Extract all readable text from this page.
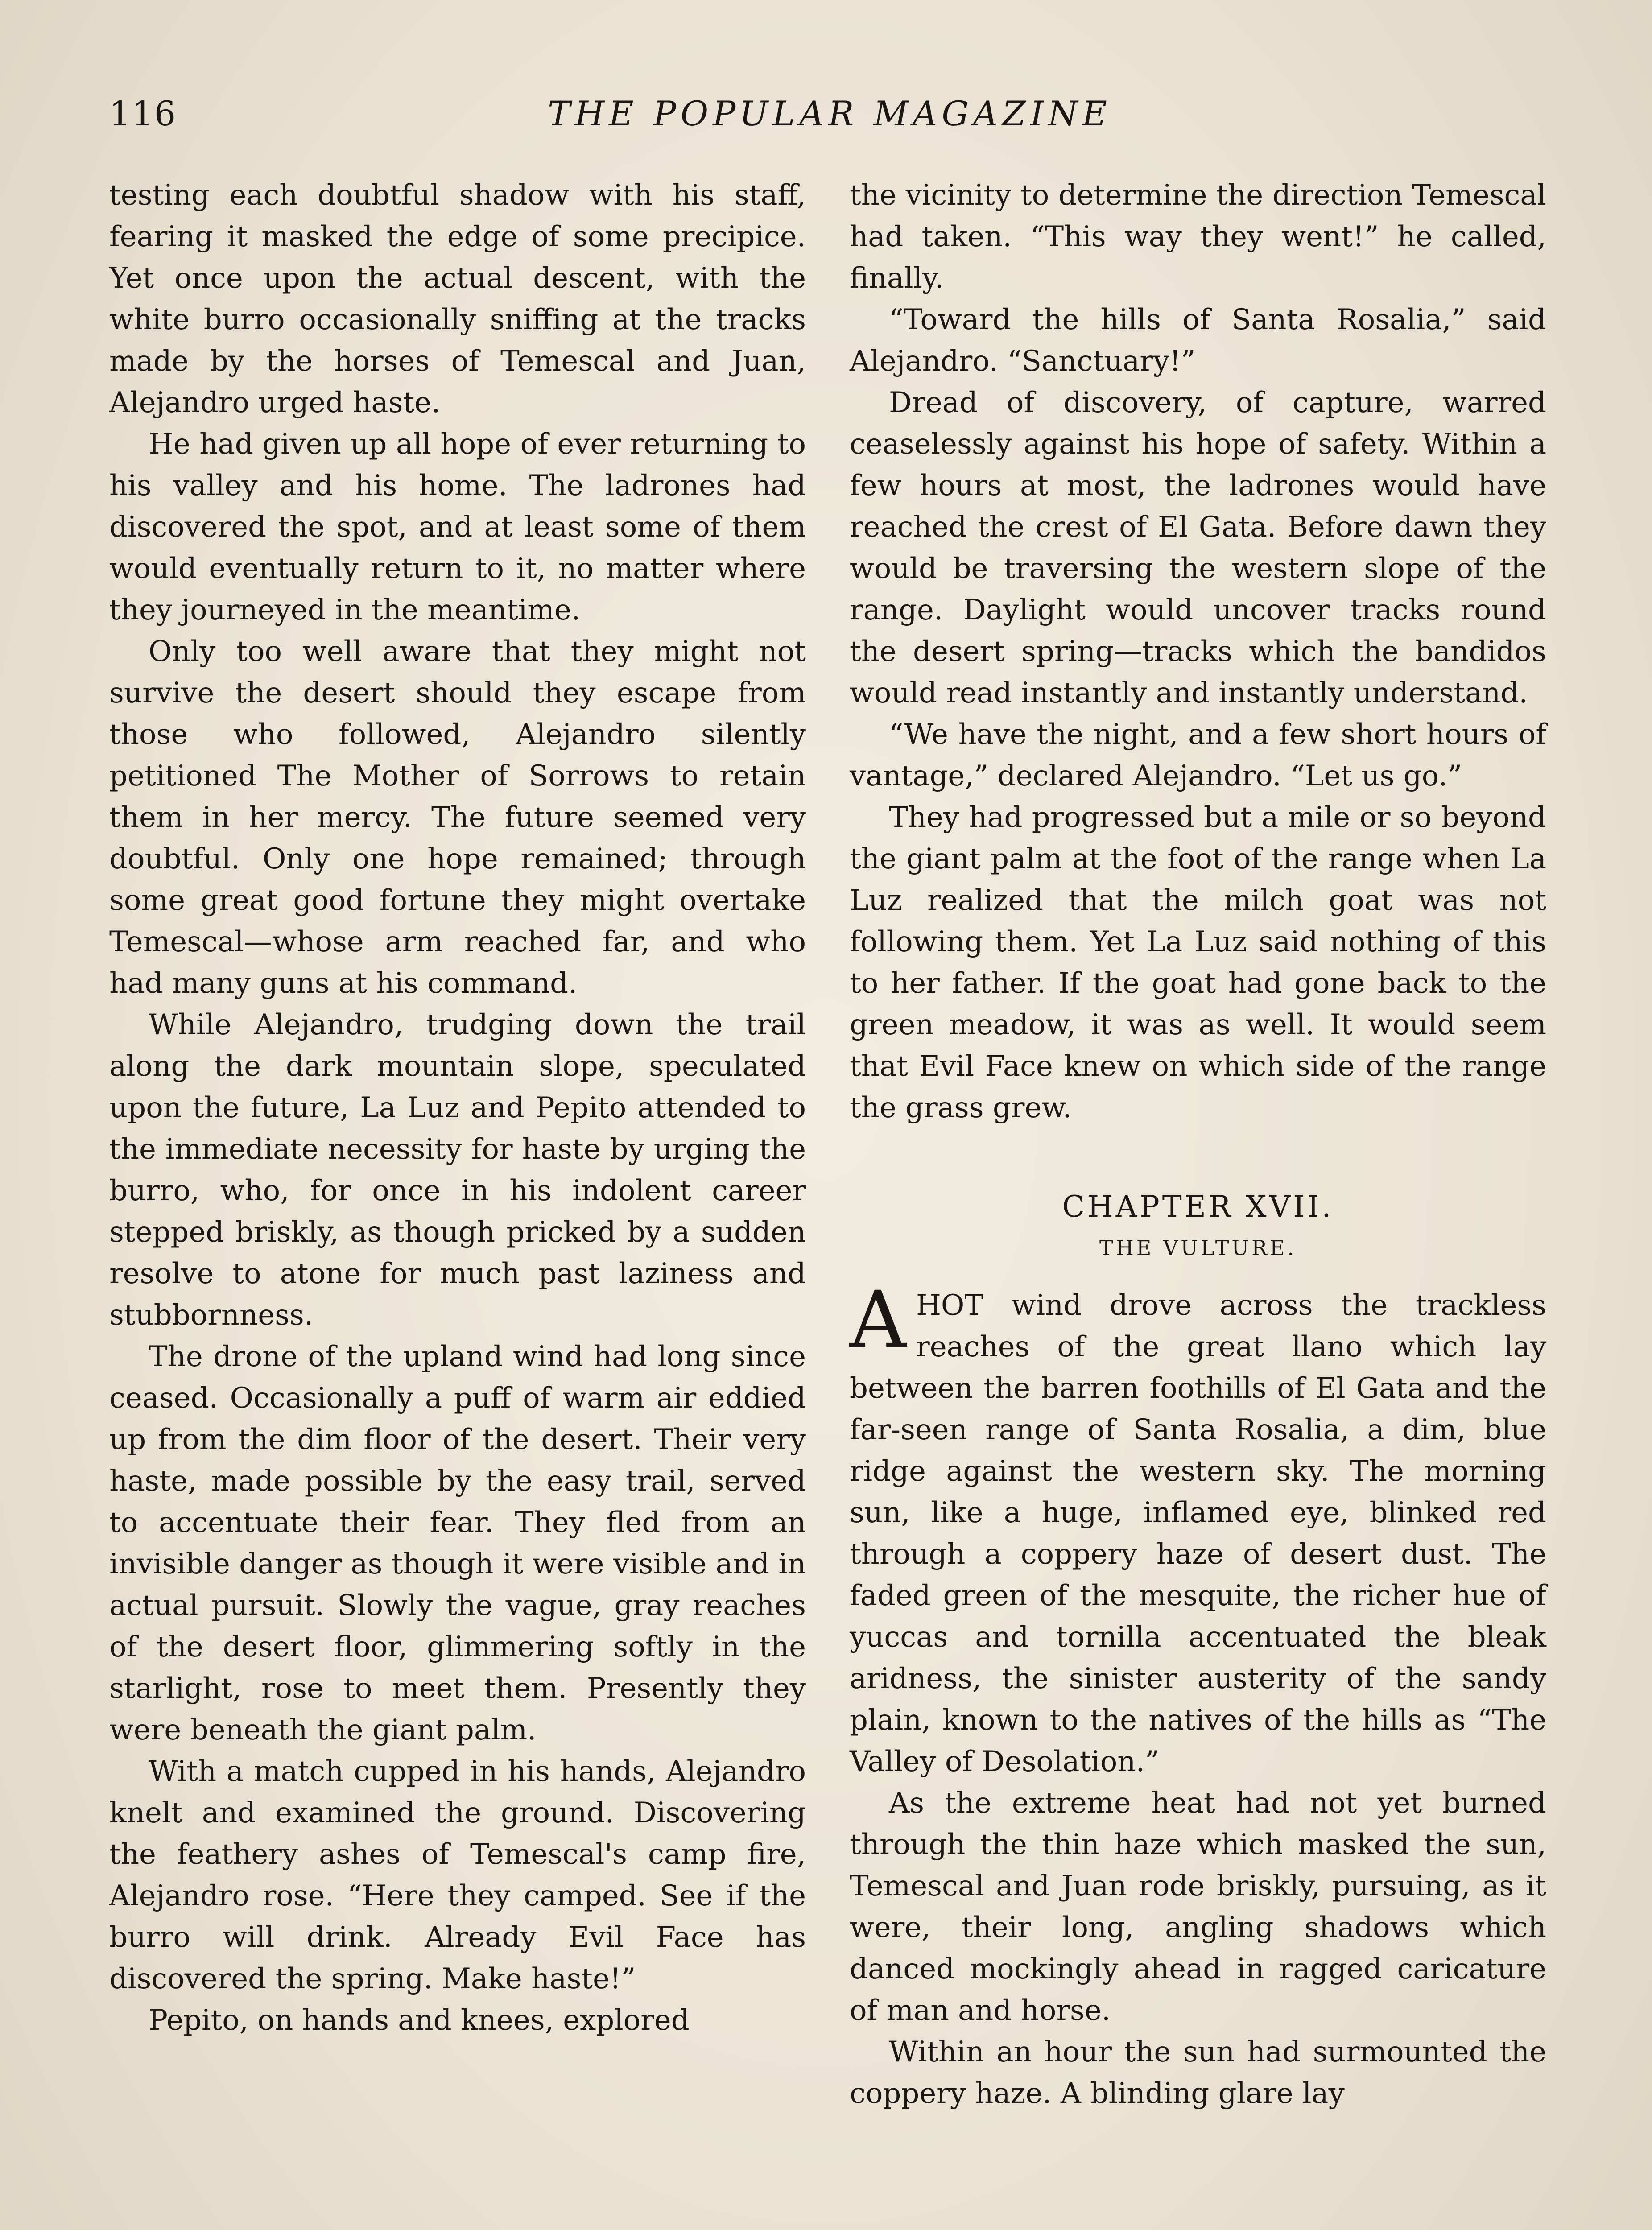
116	THE POPULAR MAGAZINE

testing each doubtful shadow with his staff, fearing it masked the edge of some precipice. Yet once upon the actual descent, with the white burro occasionally sniffing at the tracks made by the horses of Temescal and Juan, Alejandro urged haste.

He had given up all hope of ever returning to his valley and his home. The ladrones had discovered the spot, and at least some of them would eventually return to it, no matter where they journeyed in the meantime.

Only too well aware that they might not survive the desert should they escape from those who followed, Alejandro silently petitioned The Mother of Sorrows to retain them in her mercy. The future seemed very doubtful. Only one hope remained; through some great good fortune they might overtake Temescal—whose arm reached far, and who had many guns at his command.

While Alejandro, trudging down the trail along the dark mountain slope, speculated upon the future, La Luz and Pepito attended to the immediate necessity for haste by urging the burro, who, for once in his indolent career stepped briskly, as though pricked by a sudden resolve to atone for much past laziness and stubbornness.

The drone of the upland wind had long since ceased. Occasionally a puff of warm air eddied up from the dim floor of the desert. Their very haste, made possible by the easy trail, served to accentuate their fear. They fled from an invisible danger as though it were visible and in actual pursuit. Slowly the vague, gray reaches of the desert floor, glimmering softly in the starlight, rose to meet them. Presently they were beneath the giant palm.

With a match cupped in his hands, Alejandro knelt and examined the ground. Discovering the feathery ashes of Temescal's camp fire, Alejandro rose. “Here they camped. See if the burro will drink. Already Evil Face has discovered the spring. Make haste!”

Pepito, on hands and knees, explored

the vicinity to determine the direction Temescal had taken. “This way they went!” he called, finally.

“Toward the hills of Santa Rosalia,” said Alejandro. “Sanctuary!”

Dread of discovery, of capture, warred ceaselessly against his hope of safety. Within a few hours at most, the ladrones would have reached the crest of El Gata. Before dawn they would be traversing the western slope of the range. Daylight would uncover tracks round the desert spring—tracks which the bandidos would read instantly and instantly understand.

“We have the night, and a few short hours of vantage,” declared Alejandro. “Let us go.”

They had progressed but a mile or so beyond the giant palm at the foot of the range when La Luz realized that the milch goat was not following them. Yet La Luz said nothing of this to her father. If the goat had gone back to the green meadow, it was as well. It would seem that Evil Face knew on which side of the range the grass grew.

CHAPTER XVII.
THE VULTURE.

AHOT wind drove across the trackless reaches of the great llano which lay between the barren foothills of El Gata and the far-seen range of Santa Rosalia, a dim, blue ridge against the western sky. The morning sun, like a huge, inflamed eye, blinked red through a coppery haze of desert dust. The faded green of the mesquite, the richer hue of yuccas and tornilla accentuated the bleak aridness, the sinister austerity of the sandy plain, known to the natives of the hills as “The Valley of Desolation.”

As the extreme heat had not yet burned through the thin haze which masked the sun, Temescal and Juan rode briskly, pursuing, as it were, their long, angling shadows which danced mockingly ahead in ragged caricature of man and horse.

Within an hour the sun had surmounted the coppery haze. A blinding glare lay
